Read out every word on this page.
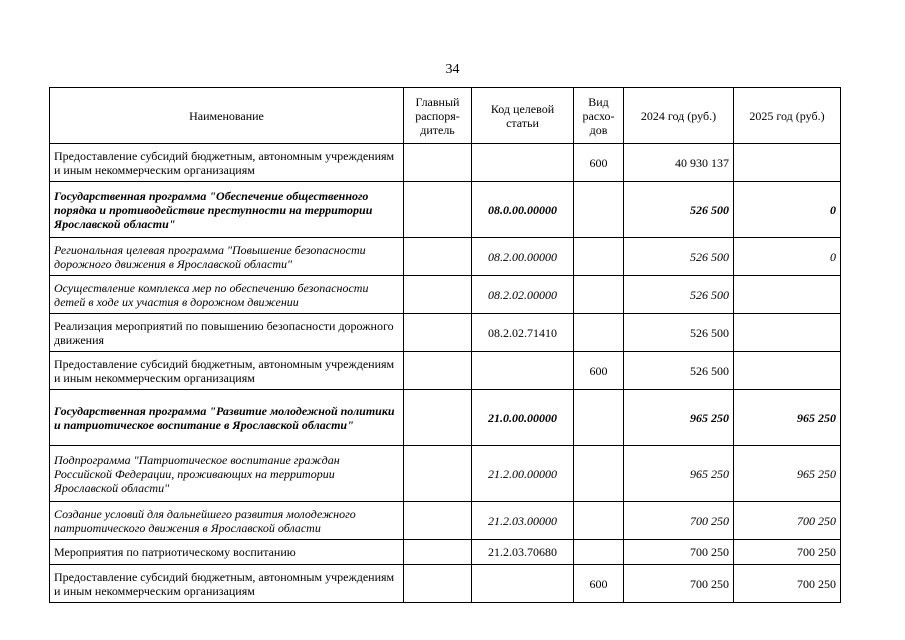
34
Наименование	Главный распоря-дитель	Код целевой статьи	Вид расхо-дов	2024 год (руб.)	2025 год (руб.)
Предоставление субсидий бюджетным, автономным учреждениям и иным некоммерческим организациям			600	40 930 137	
Государственная программа "Обеспечение общественного порядка и противодействие преступности на территории Ярославской области"		08.0.00.00000		526 500	0
Региональная целевая программа "Повышение безопасности дорожного движения в Ярославской области"		08.2.00.00000		526 500	0
Осуществление комплекса мер по обеспечению безопасности детей в ходе их участия в дорожном движении		08.2.02.00000		526 500	
Реализация мероприятий по повышению безопасности дорожного движения		08.2.02.71410		526 500	
Предоставление субсидий бюджетным, автономным учреждениям и иным некоммерческим организациям			600	526 500	
Государственная программа "Развитие молодежной политики и патриотическое воспитание в Ярославской области"		21.0.00.00000		965 250	965 250
Подпрограмма "Патриотическое воспитание граждан Российской Федерации, проживающих на территории Ярославской области"		21.2.00.00000		965 250	965 250
Создание условий для дальнейшего развития молодежного патриотического движения в Ярославской области		21.2.03.00000		700 250	700 250
Мероприятия по патриотическому воспитанию		21.2.03.70680		700 250	700 250
Предоставление субсидий бюджетным, автономным учреждениям и иным некоммерческим организациям			600	700 250	700 250
